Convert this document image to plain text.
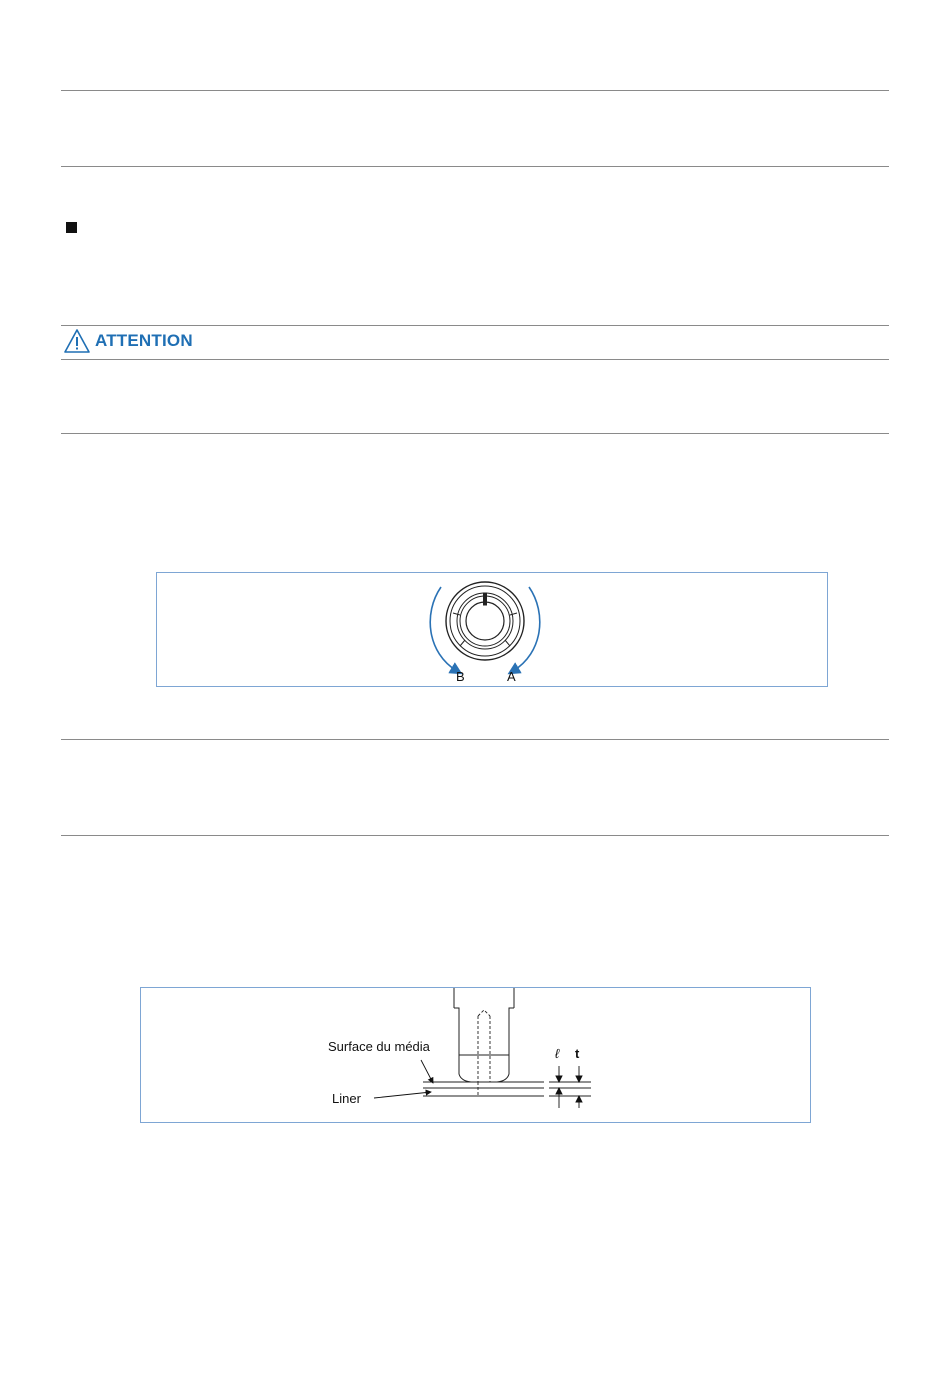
ATTENTION
B	A
Surface du média
Liner
ℓ t
